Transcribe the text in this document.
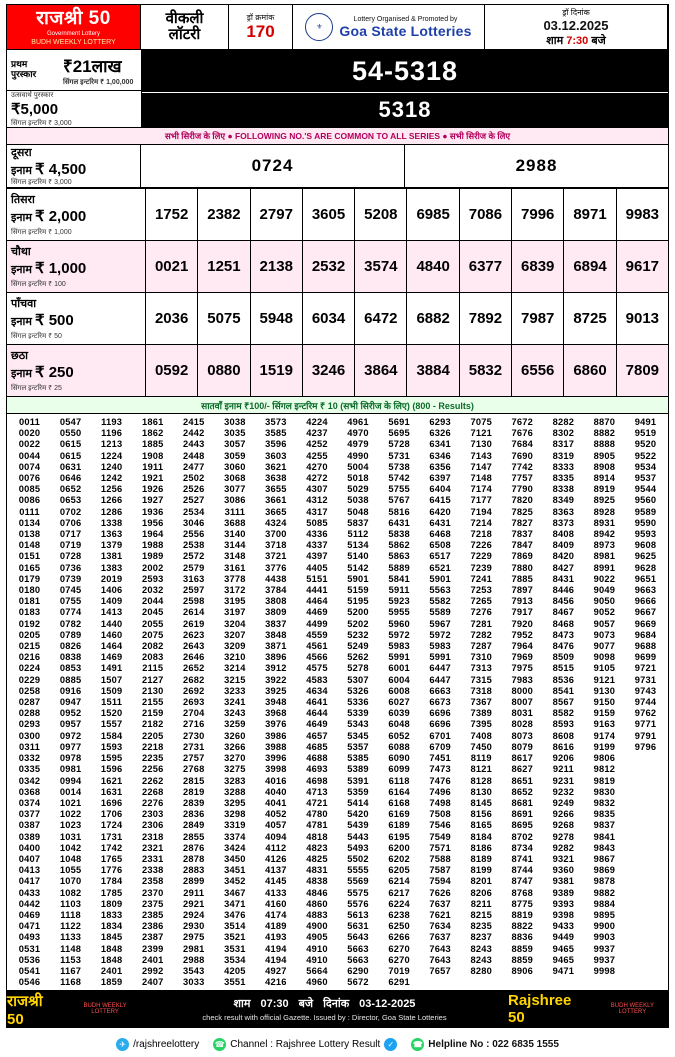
राजश्री 50
Government Lottery
BUDH WEEKLY LOTTERY
वीकली
लॉटरी
ड्रॉ क्रमांक
170	⚜
Lottery Organised & Promoted by
Goa State Lotteries
ड्रॉ दिनांक
03.12.2025
शाम 7:30 बजे
प्रथम
पुरस्कार	₹21लाख
सिंगल इन्टरिम ₹ 1,00,000
उत्सवार्थ पुरस्कार
₹5,000
सिंगल इन्टरिम ₹ 3,000
54-5318
5318
सभी सिरीज के लिए ● FOLLOWING NO.'S ARE COMMON TO ALL SERIES ● सभी सिरीज के लिए
दूसरा
इनाम ₹ 4,500
सिंगल इन्टरिम ₹ 3,000
0724	2988
तिसरा
इनाम ₹ 2,000
सिंगल इन्टरिम ₹ 1,000	1752	2382	2797	3605	5208	6985	7086	7996	8971	9983

चौथा
इनाम ₹ 1,000
सिंगल इन्टरिम ₹ 100	0021	1251	2138	2532	3574	4840	6377	6839	6894	9617

पाँचवा
इनाम ₹ 500
सिंगल इन्टरिम ₹ 50	2036	5075	5948	6034	6472	6882	7892	7987	8725	9013

छठा
इनाम ₹ 250
सिंगल इन्टरिम ₹ 25	0592	0880	1519	3246	3864	3884	5832	6556	6860	7809
सातवाँ इनाम ₹100/- सिंगल इन्टरिम ₹ 10 (सभी सिरीज के लिए) (800 - Results)
0011	0547	1193	1861	2415	3038	3573	4224	4961	5691	6293	7075	7672	8282	8870	9491
0020	0550	1196	1862	2442	3035	3585	4237	4970	5695	6326	7121	7676	8302	8882	9519
0022	0615	1213	1885	2443	3057	3596	4252	4979	5728	6341	7130	7684	8317	8888	9520
0044	0615	1224	1908	2448	3059	3603	4255	4990	5731	6346	7143	7690	8319	8905	9522
0074	0631	1240	1911	2477	3060	3621	4270	5004	5738	6356	7147	7742	8333	8908	9534
0076	0646	1242	1921	2502	3068	3638	4272	5018	5742	6397	7148	7757	8335	8914	9537
0085	0652	1256	1926	2526	3077	3655	4307	5029	5755	6404	7174	7790	8338	8919	9544
0086	0653	1266	1927	2527	3086	3661	4312	5038	5767	6415	7177	7820	8349	8925	9560
0111	0702	1286	1936	2534	3111	3665	4317	5048	5816	6420	7194	7825	8363	8928	9589
0134	0706	1338	1956	3046	3688	4324	5085	5837	6431	6431	7214	7827	8373	8931	9590
0138	0717	1363	1964	2556	3140	3700	4336	5112	5838	6468	7218	7837	8408	8942	9593
0148	0719	1379	1988	2538	3144	3718	4337	5134	5862	6508	7226	7847	8409	8973	9608
0151	0728	1381	1989	2572	3148	3721	4397	5140	5863	6517	7229	7869	8420	8981	9625
0165	0736	1383	2002	2579	3161	3776	4405	5142	5889	6521	7239	7880	8427	8991	9628
0179	0739	2019	2593	3163	3778	4438	5151	5901	5841	5901	7241	7885	8431	9022	9651
0180	0745	1406	2032	2597	3172	3784	4441	5159	5911	5563	7253	7897	8446	9049	9663
0181	0755	1409	2044	2598	3195	3808	4464	5195	5923	5582	7265	7913	8456	9050	9666
0183	0774	1413	2045	2614	3197	3809	4469	5200	5955	5589	7276	7917	8467	9052	9667
0192	0782	1440	2055	2619	3204	3837	4499	5202	5960	5967	7281	7920	8468	9057	9669
0205	0789	1460	2075	2623	3207	3848	4559	5232	5972	5972	7282	7952	8473	9073	9684
0215	0826	1464	2082	2643	3209	3871	4561	5249	5983	5983	7287	7964	8476	9077	9688
0216	0838	1469	2083	2646	3210	3896	4566	5262	5991	5991	7310	7969	8509	9098	9699
0224	0853	1491	2115	2652	3214	3912	4575	5278	6001	6447	7313	7975	8515	9105	9721
0229	0885	1507	2127	2682	3215	3922	4583	5307	6004	6447	7315	7983	8536	9121	9731
0258	0916	1509	2130	2692	3233	3925	4634	5326	6008	6663	7318	8000	8541	9130	9743
0287	0947	1511	2155	2693	3241	3948	4641	5336	6027	6673	7367	8007	8567	9150	9744
0288	0952	1520	2159	2704	3243	3968	4644	5339	6039	6696	7389	8031	8582	9159	9762
0293	0957	1557	2182	2716	3259	3976	4649	5343	6048	6696	7395	8028	8593	9163	9771
0300	0972	1584	2205	2730	3260	3986	4657	5345	6052	6701	7408	8073	8608	9174	9791
0311	0977	1593	2218	2731	3266	3988	4685	5357	6088	6709	7450	8079	8616	9199	9796
0332	0978	1595	2235	2757	3270	3996	4688	5385	6090	7451	8119	8617	9206	9806	
0335	0981	1596	2256	2768	3275	3998	4693	5389	6099	7473	8121	8627	9211	9812	
0342	0994	1621	2262	2815	3283	4016	4698	5391	6118	7476	8128	8651	9231	9819	
0368	0014	1631	2268	2819	3288	4040	4713	5359	6164	7496	8130	8652	9232	9830	
0374	1021	1696	2276	2839	3295	4041	4721	5414	6168	7498	8145	8681	9249	9832	
0377	1022	1706	2303	2836	3298	4052	4780	5420	6169	7508	8156	8691	9266	9835	
0387	1023	1724	2306	2849	3319	4057	4781	5439	6189	7546	8165	8695	9268	9837	
0389	1031	1731	2318	2855	3374	4094	4818	5443	6195	7549	8184	8702	9278	9841	
0400	1042	1742	2321	2876	3424	4112	4823	5493	6200	7571	8186	8734	9282	9843	
0407	1048	1765	2331	2878	3450	4126	4825	5502	6202	7588	8189	8741	9321	9867	
0413	1055	1776	2338	2883	3451	4137	4831	5555	6205	7587	8199	8744	9360	9869	
0417	1070	1784	2358	2899	3452	4145	4838	5569	6214	7594	8201	8747	9381	9878	
0433	1082	1785	2370	2911	3467	4133	4846	5575	6217	7626	8206	8768	9389	9882	
0442	1103	1809	2375	2921	3471	4160	4860	5576	6224	7637	8211	8775	9393	9884	
0469	1118	1833	2385	2924	3476	4174	4883	5613	6238	7621	8215	8819	9398	9895	
0471	1122	1834	2386	2930	3514	4189	4900	5631	6250	7634	8235	8822	9433	9900	
0493	1133	1845	2387	2975	3521	4193	4905	5643	6266	7637	8237	8836	9449	9903	
0531	1148	1848	2399	2981	3531	4194	4910	5663	6270	7643	8243	8859	9465	9937	
0536	1153	1848	2401	2988	3534	4194	4910	5663	6270	7643	8243	8859	9465	9937	
0541	1167	2401	2992	3543	4205	4927	5664	6290	7019	7657	8280	8906	9471	9998	
0546	1168	1859	2407	3033	3551	4216	4960	5672	6291						
राजश्री 50
BUDH WEEKLY LOTTERY
शाम 07:30 बजे दिनांक 03-12-2025
check result with official Gazette. Issued by : Director, Goa State Lotteries
Rajshree 50
BUDH WEEKLY LOTTERY
✈ /rajshreelottery ☎ Channel : Rajshree Lottery Result ✓	☎ Helpline No : 022 6835 1555
